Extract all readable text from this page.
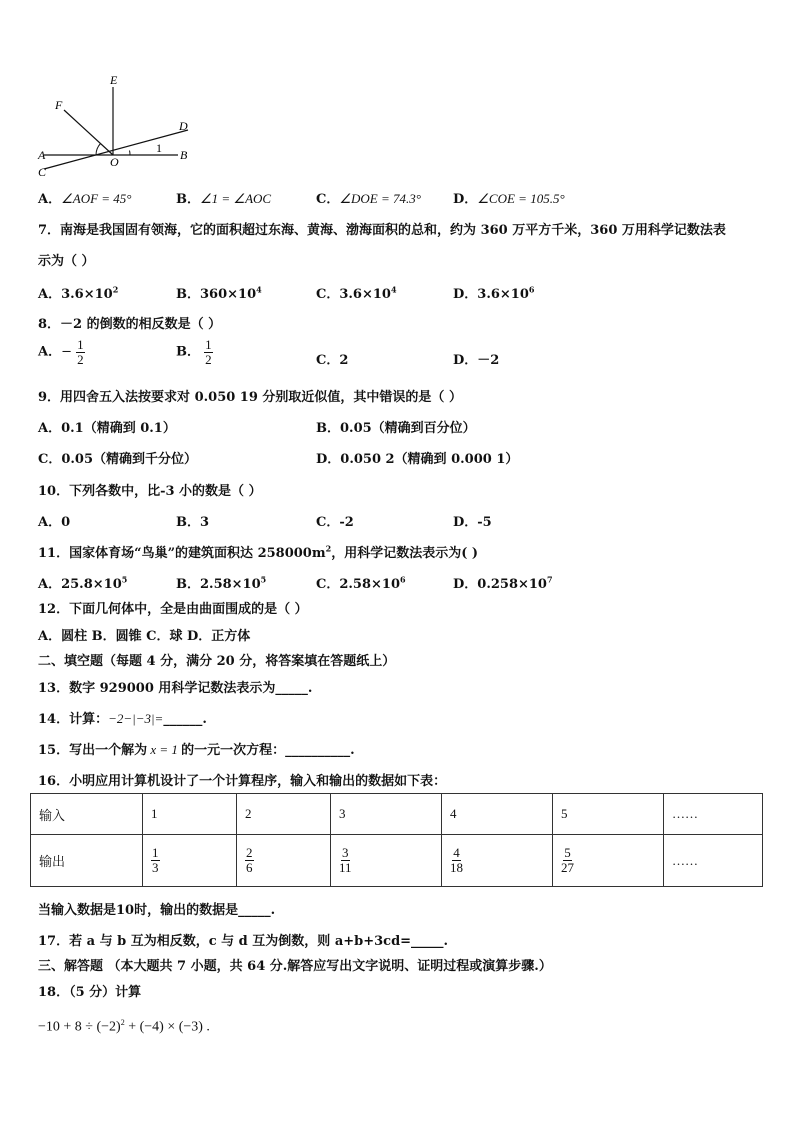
E
F
D
A	O
1 B
C
A．∠AOF = 45°	B．∠1 = ∠AOC	C．∠DOE = 74.3° D．∠COE = 105.5°
7．南海是我国固有领海，它的面积超过东海、黄海、渤海面积的总和，约为 360 万平方千米，360 万用科学记数法表
示为（ ）
A．$3.6\times 10^2$	B．$360\times 10^4$	C．$3.6\times 10^4$	D．$3.6\times 10^6$
8．－2 的倒数的相反数是（ ）
A．− $\frac{1}{2}$	B． $\frac{1}{2}$	C．2	D．－2
9．用四舍五入法按要求对 0.050 19 分别取近似值，其中错误的是（ ）
A．0.1（精确到 0.1）	B．0.05（精确到百分位）
C．0.05（精确到千分位）	D．0.050 2（精确到 0.000 1）
10．下列各数中，比-3 小的数是（ ）
A．0	B．3	C．-2	D．-5
11．国家体育场“鸟巢”的建筑面积达 $258000m^2$，用科学记数法表示为( )
A．$25.8\times 10^5$	B．$2.58\times 10^5$	C．$2.58\times 10^6$	D．$0.258\times 10^7$
12．下面几何体中，全是由曲面围成的是（ ）
A．圆柱 B．圆锥 C．球 D．正方体
二、填空题（每题 4 分，满分 20 分，将答案填在答题纸上）
13．数字 929000 用科学记数法表示为_____.
14．计算：−2−|−3|=______.
15．写出一个解为 x = 1 的一元一次方程：__________.
16．小明应用计算机设计了一个计算程序，输入和输出的数据如下表：
输入	1	2	3	4	5	……
输出	$\frac{1}{3}$	$\frac{2}{6}$	$\frac{3}{11}$	$\frac{4}{18}$	$\frac{5}{27}$	……
当输入数据是10时，输出的数据是_____.
17．若 a 与 b 互为相反数，c 与 d 互为倒数，则 a+b+3cd=_____.
三、解答题 （本大题共 7 小题，共 64 分.解答应写出文字说明、证明过程或演算步骤.）
18．（5 分）计算
$-10 + 8 \div (-2)^2 + (-4) \times (-3)$ .
